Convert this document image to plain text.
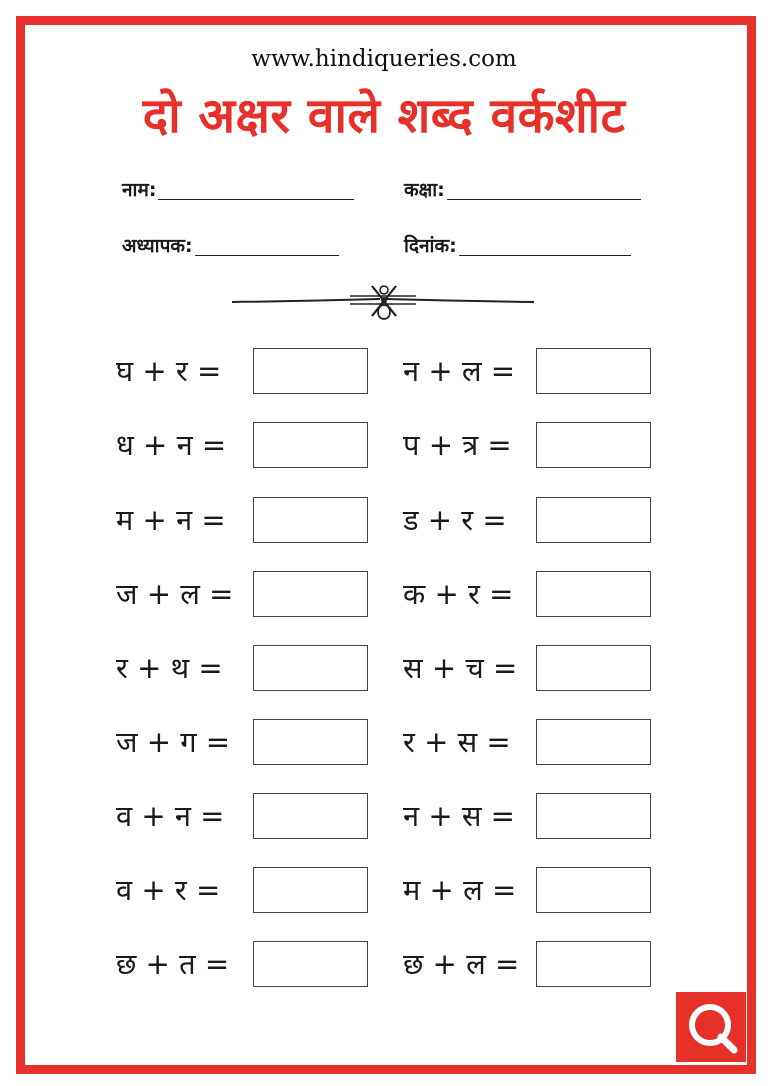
www.hindiqueries.com
दो अक्षर वाले शब्द वर्कशीट
नाम:	कक्षा:
अध्यापक:	दिनांक:
घ + र =
ध + न =
म + न =
ज + ल =
र + थ =
ज + ग =
व + न =
व + र =
छ + त =
न + ल =
प + त्र =
ड + र =
क + र =
स + च =
र + स =
न + स =
म + ल =
छ + ल =
